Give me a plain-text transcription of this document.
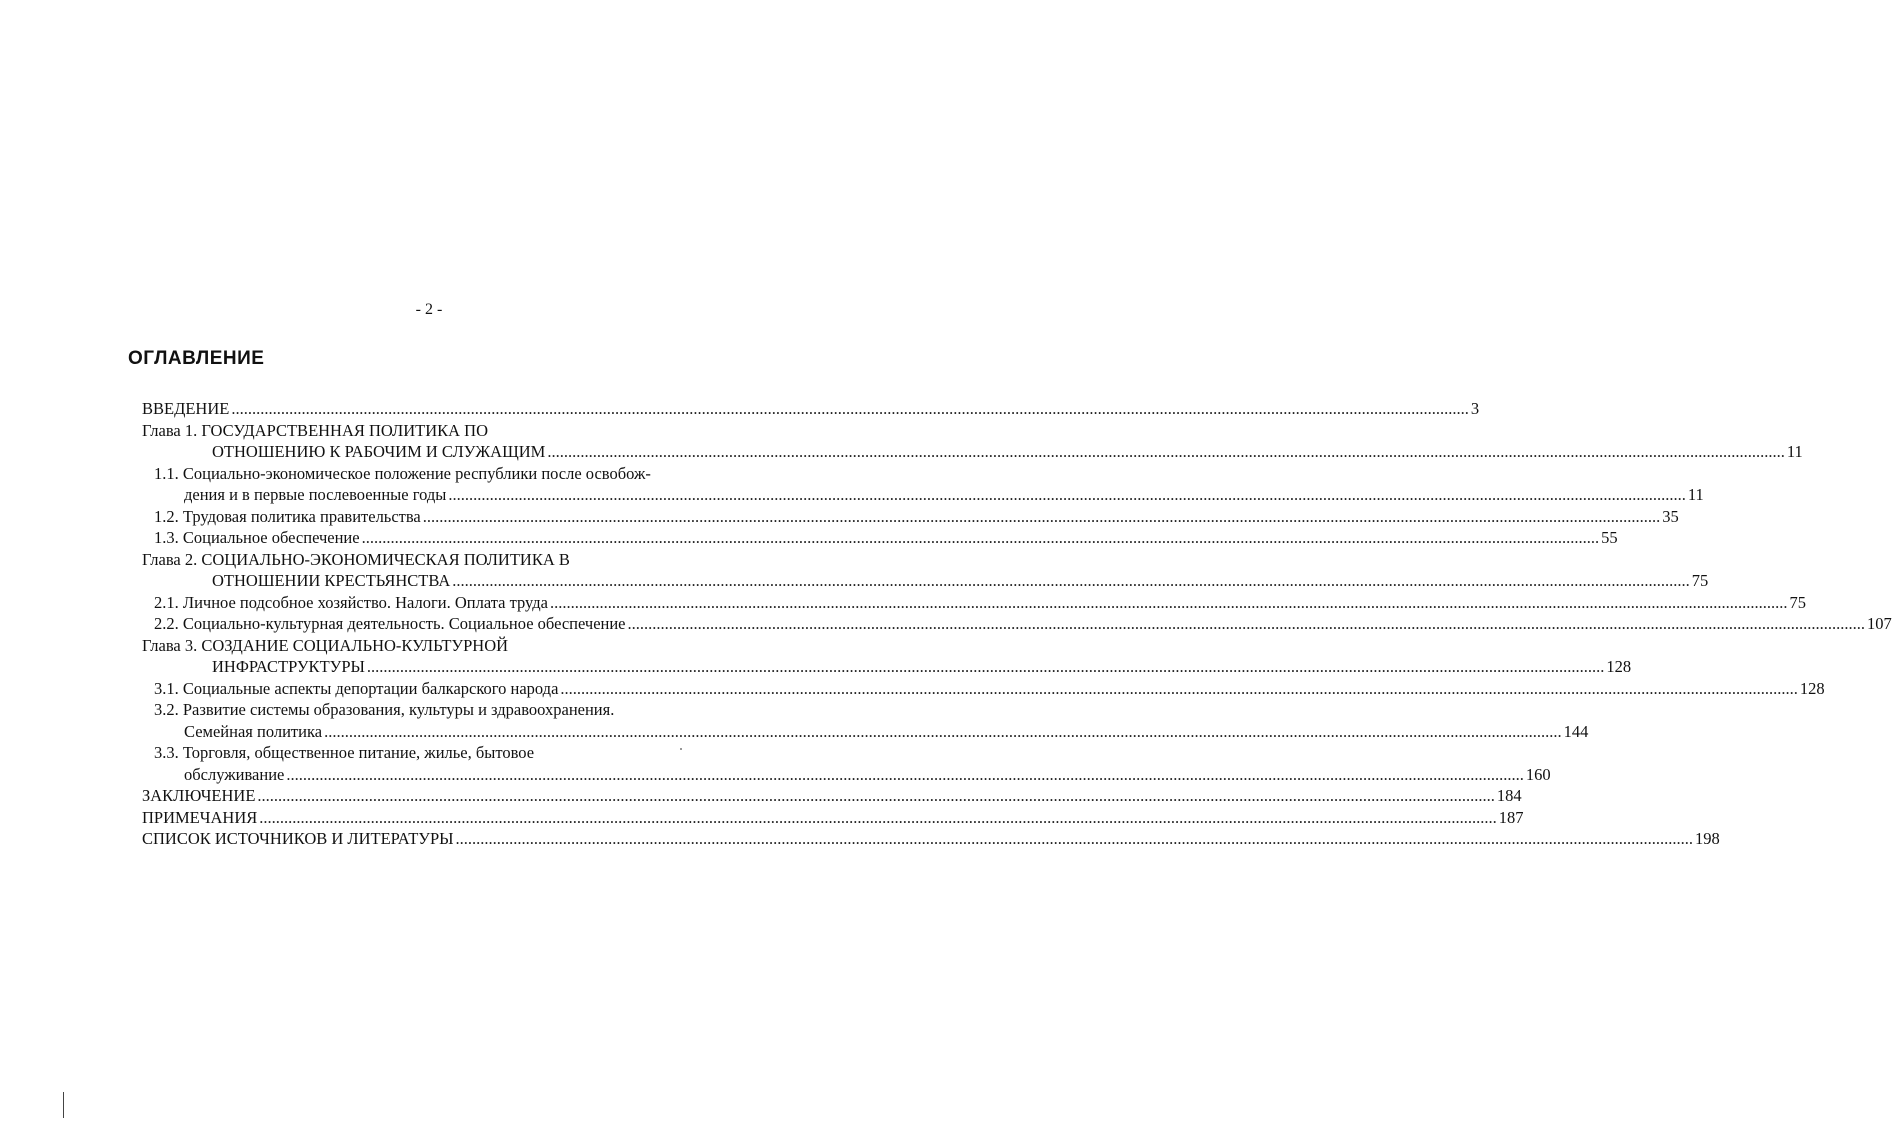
- 2 -
ОГЛАВЛЕНИЕ
ВВЕДЕНИЕ ............................................................................................................................................................................................................................................................................................................ 3
Глава 1. ГОСУДАРСТВЕННАЯ ПОЛИТИКА ПО
ОТНОШЕНИЮ К РАБОЧИМ И СЛУЖАЩИМ ............................................................................................................................................................................................................................................................................................................ 11
1.1. Социально-экономическое положение республики после освобож-
дения и в первые послевоенные годы ............................................................................................................................................................................................................................................................................................................ 11
1.2. Трудовая политика правительства ............................................................................................................................................................................................................................................................................................................ 35
1.3. Социальное обеспечение ............................................................................................................................................................................................................................................................................................................ 55
Глава 2. СОЦИАЛЬНО-ЭКОНОМИЧЕСКАЯ ПОЛИТИКА В
ОТНОШЕНИИ КРЕСТЬЯНСТВА ............................................................................................................................................................................................................................................................................................................ 75
2.1. Личное подсобное хозяйство. Налоги. Оплата труда ............................................................................................................................................................................................................................................................................................................ 75
2.2. Социально-культурная деятельность. Социальное обеспечение ............................................................................................................................................................................................................................................................................................................ 107
Глава 3. СОЗДАНИЕ СОЦИАЛЬНО-КУЛЬТУРНОЙ
ИНФРАСТРУКТУРЫ ............................................................................................................................................................................................................................................................................................................ 128
3.1. Социальные аспекты депортации балкарского народа ............................................................................................................................................................................................................................................................................................................ 128
3.2. Развитие системы образования, культуры и здравоохранения.
Семейная политика ............................................................................................................................................................................................................................................................................................................ 144
3.3. Торговля, общественное питание, жилье, бытовое
обслуживание ............................................................................................................................................................................................................................................................................................................ 160
ЗАКЛЮЧЕНИЕ ............................................................................................................................................................................................................................................................................................................ 184
ПРИМЕЧАНИЯ ............................................................................................................................................................................................................................................................................................................ 187
СПИСОК ИСТОЧНИКОВ И ЛИТЕРАТУРЫ ............................................................................................................................................................................................................................................................................................................ 198
